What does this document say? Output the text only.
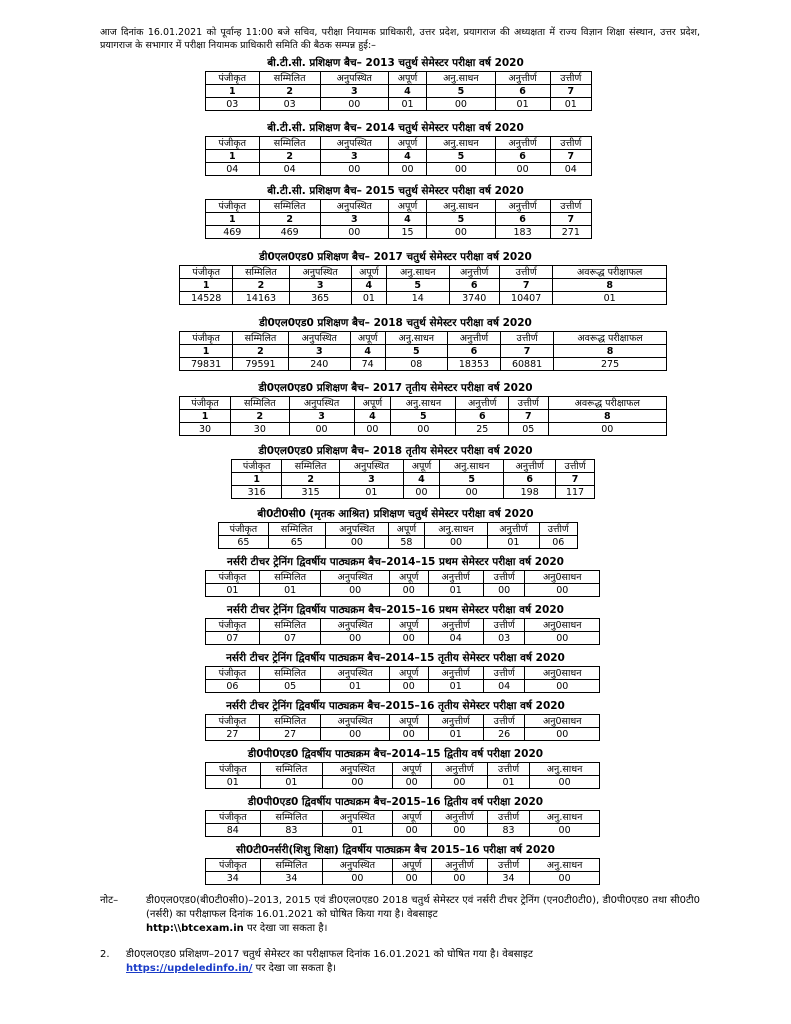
आज दिनांक 16.01.2021 को पूर्वान्ह 11:00 बजे सचिव, परीक्षा नियामक प्राधिकारी, उत्तर प्रदेश, प्रयागराज की अध्यक्षता में राज्य विज्ञान शिक्षा संस्थान, उत्तर प्रदेश, प्रयागराज के सभागार में परीक्षा नियामक प्राधिकारी समिति की बैठक सम्पन्न हुई:–
बी.टी.सी. प्रशिक्षण बैच– 2013 चतुर्थ सेमेस्टर परीक्षा वर्ष 2020
पंजीकृत	सम्मिलित	अनुपस्थित	अपूर्ण	अनु.साधन	अनुत्तीर्ण	उत्तीर्ण
1	2	3	4	5	6	7
03	03	00	01	00	01	01
बी.टी.सी. प्रशिक्षण बैच– 2014 चतुर्थ सेमेस्टर परीक्षा वर्ष 2020
पंजीकृत	सम्मिलित	अनुपस्थित	अपूर्ण	अनु.साधन	अनुत्तीर्ण	उत्तीर्ण
1	2	3	4	5	6	7
04	04	00	00	00	00	04
बी.टी.सी. प्रशिक्षण बैच– 2015 चतुर्थ सेमेस्टर परीक्षा वर्ष 2020
पंजीकृत	सम्मिलित	अनुपस्थित	अपूर्ण	अनु.साधन	अनुत्तीर्ण	उत्तीर्ण
1	2	3	4	5	6	7
469	469	00	15	00	183	271
डी0एल0एड0 प्रशिक्षण बैच– 2017 चतुर्थ सेमेस्टर परीक्षा वर्ष 2020
पंजीकृत	सम्मिलित	अनुपस्थित	अपूर्ण	अनु.साधन	अनुत्तीर्ण	उत्तीर्ण	अवरूद्ध परीक्षाफल
1	2	3	4	5	6	7	8
14528	14163	365	01	14	3740	10407	01
डी0एल0एड0 प्रशिक्षण बैच– 2018 चतुर्थ सेमेस्टर परीक्षा वर्ष 2020
पंजीकृत	सम्मिलित	अनुपस्थित	अपूर्ण	अनु.साधन	अनुत्तीर्ण	उत्तीर्ण	अवरूद्ध परीक्षाफल
1	2	3	4	5	6	7	8
79831	79591	240	74	08	18353	60881	275
डी0एल0एड0 प्रशिक्षण बैच– 2017 तृतीय सेमेस्टर परीक्षा वर्ष 2020
पंजीकृत	सम्मिलित	अनुपस्थित	अपूर्ण	अनु.साधन	अनुत्तीर्ण	उत्तीर्ण	अवरूद्ध परीक्षाफल
1	2	3	4	5	6	7	8
30	30	00	00	00	25	05	00
डी0एल0एड0 प्रशिक्षण बैच– 2018 तृतीय सेमेस्टर परीक्षा वर्ष 2020
पंजीकृत	सम्मिलित	अनुपस्थित	अपूर्ण	अनु.साधन	अनुत्तीर्ण	उत्तीर्ण
1	2	3	4	5	6	7
316	315	01	00	00	198	117
बी0टी0सी0 (मृतक आश्रित) प्रशिक्षण चतुर्थ सेमेस्टर परीक्षा वर्ष 2020
पंजीकृत	सम्मिलित	अनुपस्थित	अपूर्ण	अनु.साधन	अनुत्तीर्ण	उत्तीर्ण
65	65	00	58	00	01	06
नर्सरी टीचर ट्रेनिंग द्विवर्षीय पाठ्यक्रम बैच–2014–15 प्रथम सेमेस्टर परीक्षा वर्ष 2020
पंजीकृत	सम्मिलित	अनुपस्थित	अपूर्ण	अनुत्तीर्ण	उत्तीर्ण	अनु0साधन
01	01	00	00	01	00	00
नर्सरी टीचर ट्रेनिंग द्विवर्षीय पाठ्यक्रम बैच–2015–16 प्रथम सेमेस्टर परीक्षा वर्ष 2020
पंजीकृत	सम्मिलित	अनुपस्थित	अपूर्ण	अनुत्तीर्ण	उत्तीर्ण	अनु0साधन
07	07	00	00	04	03	00
नर्सरी टीचर ट्रेनिंग द्विवर्षीय पाठ्यक्रम बैच–2014–15 तृतीय सेमेस्टर परीक्षा वर्ष 2020
पंजीकृत	सम्मिलित	अनुपस्थित	अपूर्ण	अनुत्तीर्ण	उत्तीर्ण	अनु0साधन
06	05	01	00	01	04	00
नर्सरी टीचर ट्रेनिंग द्विवर्षीय पाठ्यक्रम बैच–2015–16 तृतीय सेमेस्टर परीक्षा वर्ष 2020
पंजीकृत	सम्मिलित	अनुपस्थित	अपूर्ण	अनुत्तीर्ण	उत्तीर्ण	अनु0साधन
27	27	00	00	01	26	00
डी0पी0एड0 द्विवर्षीय पाठ्यक्रम बैच–2014–15 द्वितीय वर्ष परीक्षा 2020
पंजीकृत	सम्मिलित	अनुपस्थित	अपूर्ण	अनुत्तीर्ण	उत्तीर्ण	अनु.साधन
01	01	00	00	00	01	00
डी0पी0एड0 द्विवर्षीय पाठ्यक्रम बैच–2015–16 द्वितीय वर्ष परीक्षा 2020
पंजीकृत	सम्मिलित	अनुपस्थित	अपूर्ण	अनुत्तीर्ण	उत्तीर्ण	अनु.साधन
84	83	01	00	00	83	00
सी0टी0नर्सरी(शिशु शिक्षा) द्विवर्षीय पाठ्यक्रम बैच 2015–16 परीक्षा वर्ष 2020
पंजीकृत	सम्मिलित	अनुपस्थित	अपूर्ण	अनुत्तीर्ण	उत्तीर्ण	अनु.साधन
34	34	00	00	00	34	00
नोट–	डी0एल0एड0(बी0टी0सी0)–2013, 2015 एवं डी0एल0एड0 2018 चतुर्थ सेमेस्टर एवं नर्सरी टीचर ट्रेनिंग (एन0टी0टी0), डी0पी0एड0 तथा सी0टी0 (नर्सरी) का परीक्षाफल दिनांक 16.01.2021 को घोषित किया गया है। वेबसाइट
http:\\btcexam.in पर देखा जा सकता है।
2. डी0एल0एड0 प्रशिक्षण–2017 चतुर्थ सेमेस्टर का परीक्षाफल दिनांक 16.01.2021 को घोषित गया है। वेबसाइट
https://updeledinfo.in/ पर देखा जा सकता है।
